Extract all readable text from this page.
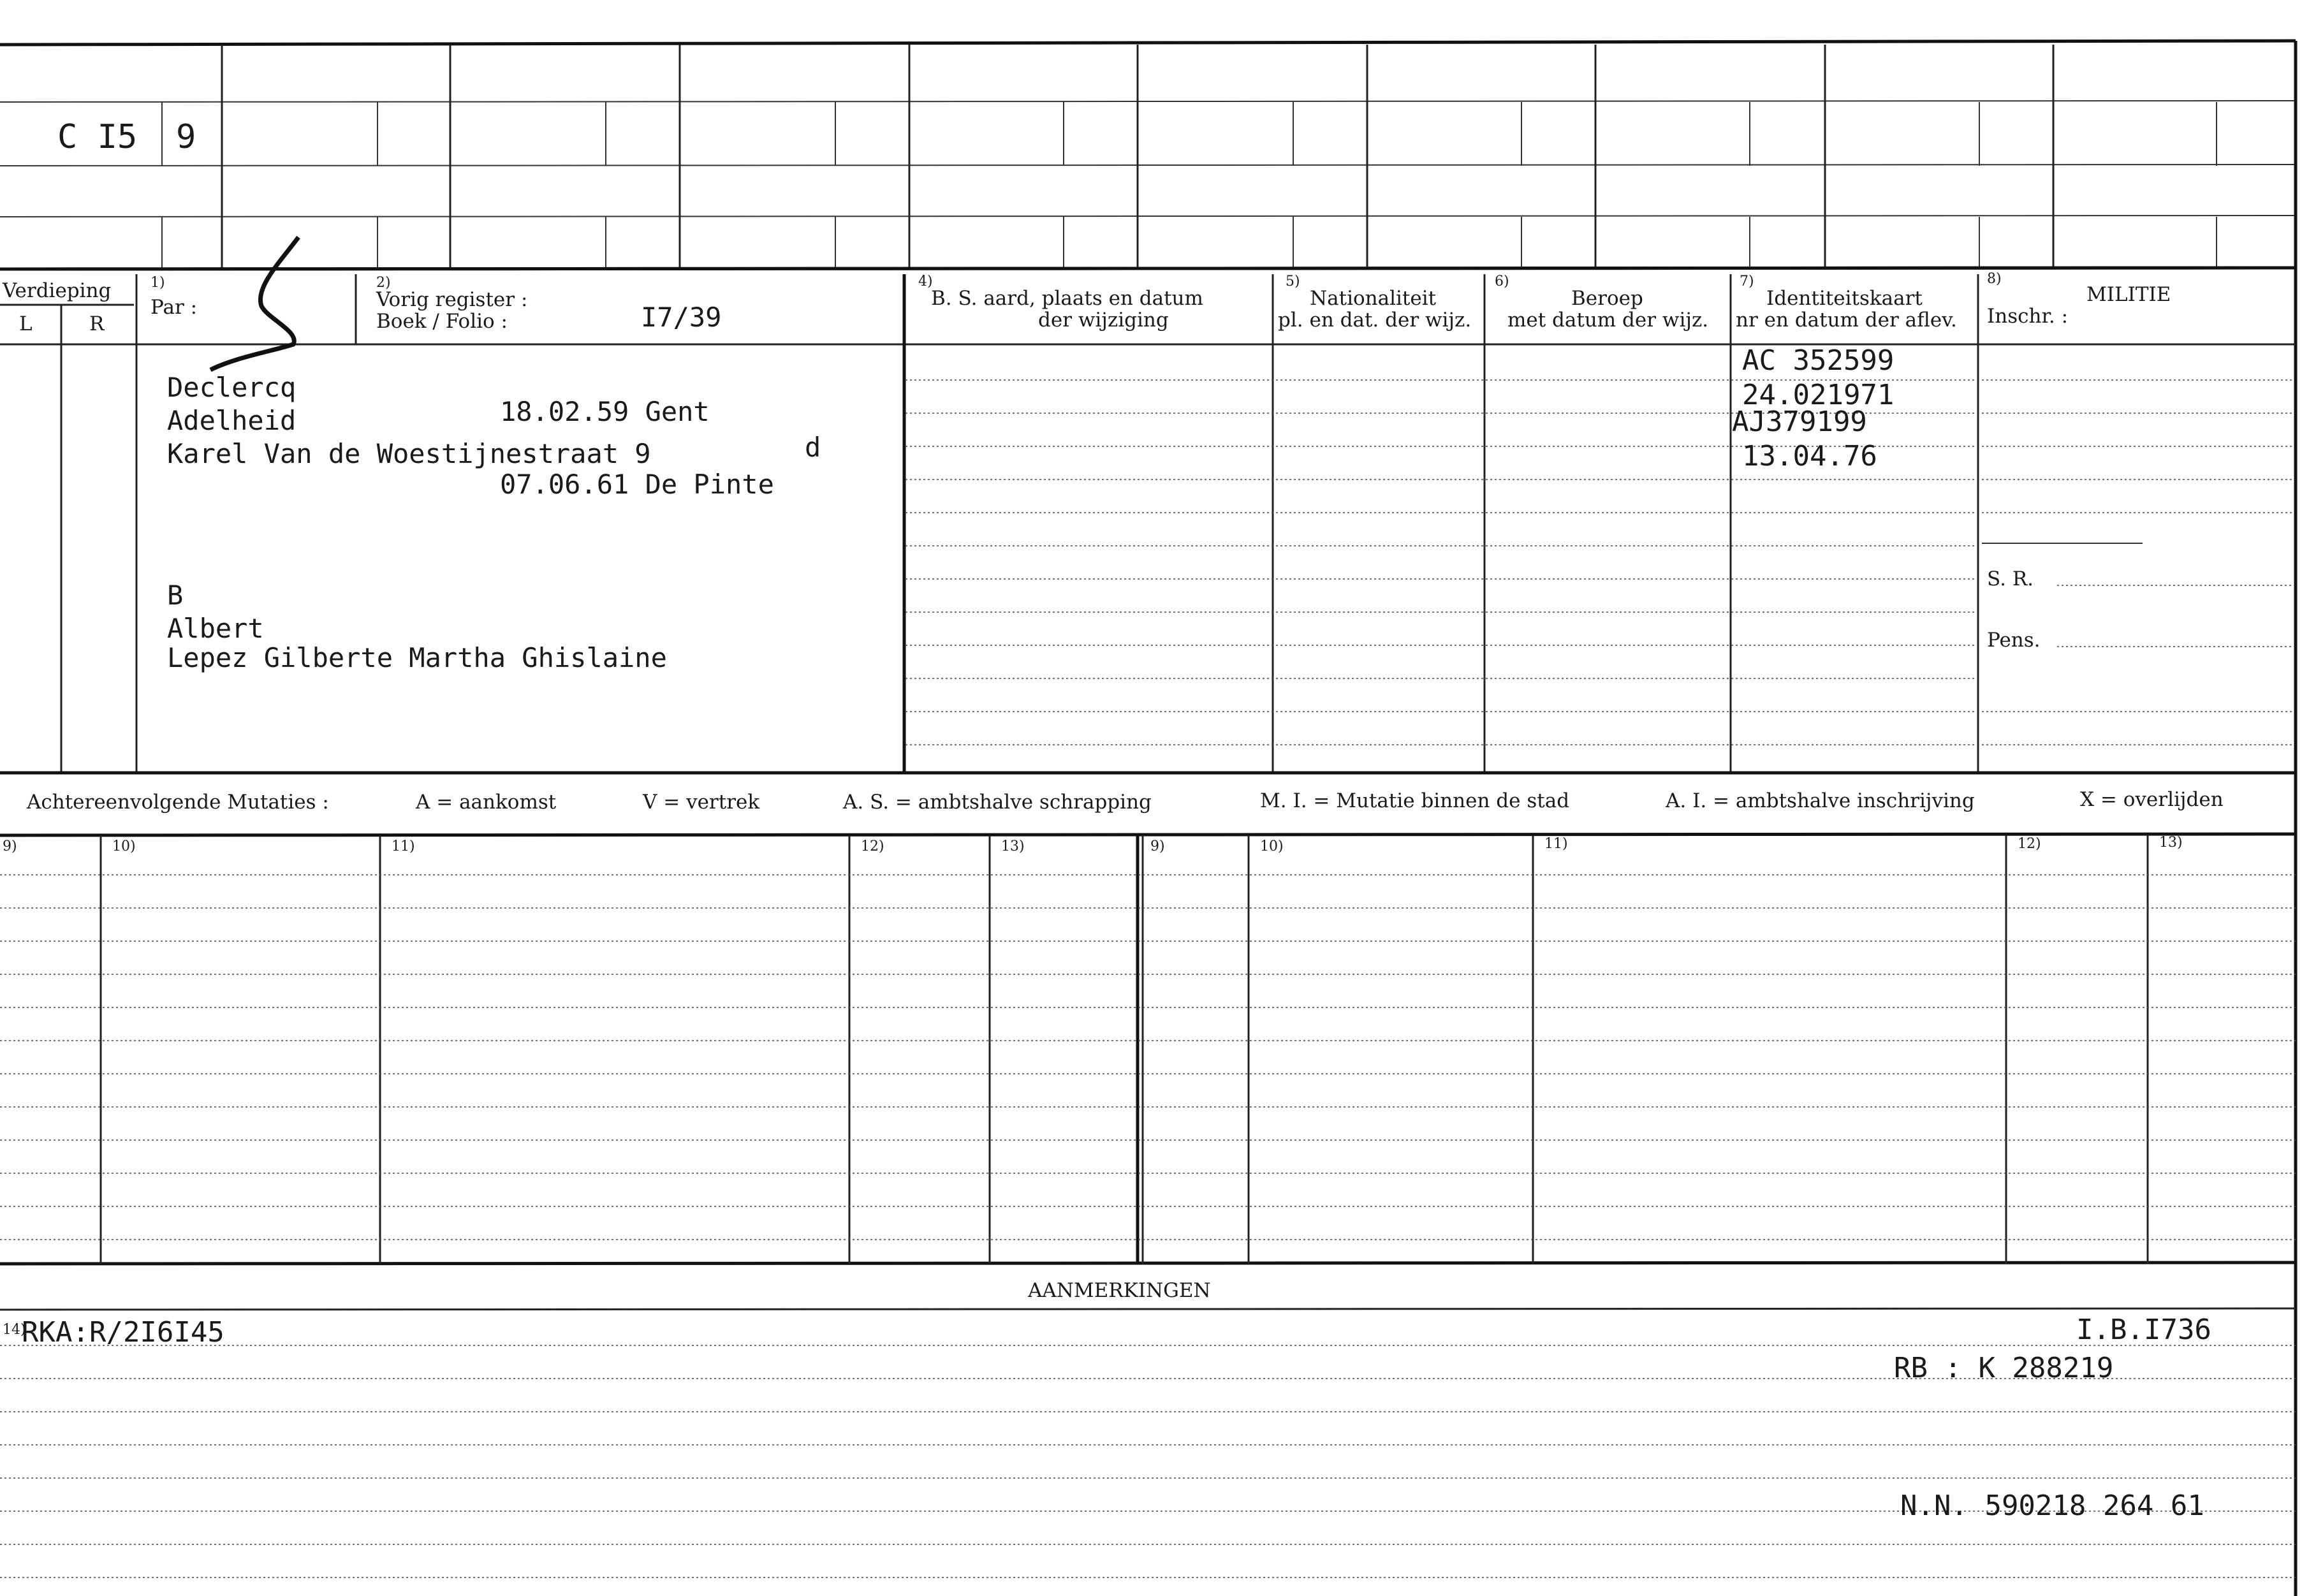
C I5 9
Verdieping
L	R
1)
Par :
2)
Vorig register :
Boek / Folio :
4)
B. S. aard, plaats en datum
der wijziging
5)
Nationaliteit
pl. en dat. der wijz.
6)
Beroep
met datum der wijz.
7)
Identiteitskaart
nr en datum der aflev.
8)
MILITIE
Inschr. :
S. R.
Pens.
I7/39
Declercq
Adelheid	18.02.59 Gent
Karel Van de Woestijnestraat 9	d
07.06.61 De Pinte
B
Albert
Lepez Gilberte Martha Ghislaine
AC 352599
24.021971
AJ379199
13.04.76
Achtereenvolgende Mutaties :	A = aankomst	V = vertrek	A. S. = ambtshalve schrapping	M. I. = Mutatie binnen de stad	A. I. = ambtshalve inschrijving	X = overlijden
9)	10)	11)	12)	13)	9)	10)	11)	12)	13)
AANMERKINGEN
14)
RKA:R/2I6I45	I.B.I736
RB : K 288219
N.N. 590218 264 61
